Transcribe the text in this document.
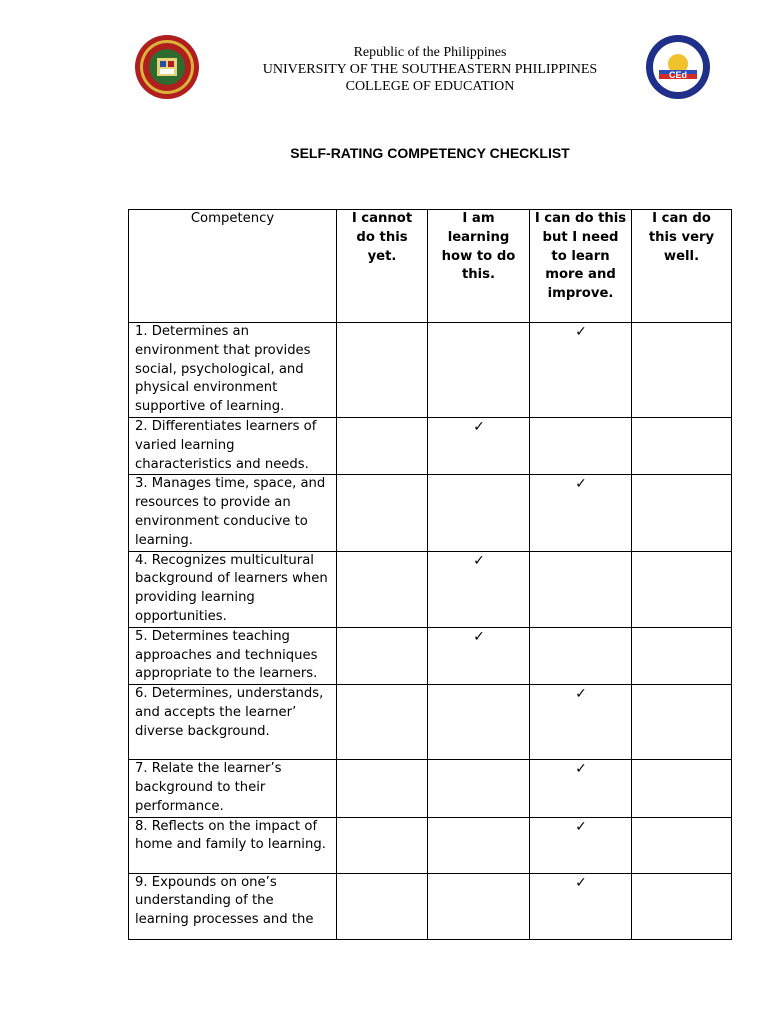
Republic of the Philippines
UNIVERSITY OF THE SOUTHEASTERN PHILIPPINES
COLLEGE OF EDUCATION
CEd
SELF-RATING COMPETENCY CHECKLIST
Competency	I cannot do this yet.	I am learning how to do this.	I can do this but I need to learn more and improve.	I can do this very well.
1. Determines an environment that provides social, psychological, and physical environment supportive of learning.			✓	
2. Differentiates learners of varied learning characteristics and needs.		✓		
3. Manages time, space, and resources to provide an environment conducive to learning.			✓	
4. Recognizes multicultural background of learners when providing learning opportunities.		✓		
5. Determines teaching approaches and techniques appropriate to the learners.		✓		
6. Determines, understands, and accepts the learner’ diverse background.			✓	
7. Relate the learner’s background to their performance.			✓	
8. Reflects on the impact of home and family to learning.			✓	
9. Expounds on one’s understanding of the learning processes and the			✓	
